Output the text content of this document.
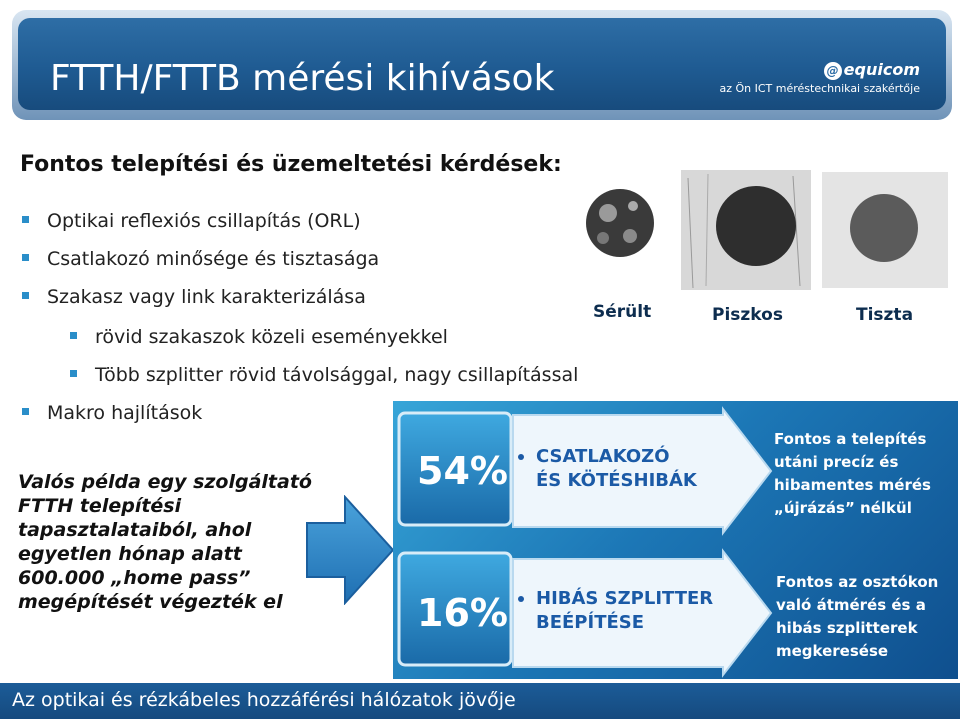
FTTH/FTTB mérési kihívások	@ equicom
az Ön ICT méréstechnikai szakértője
Fontos telepítési és üzemeltetési kérdések:
Optikai reflexiós csillapítás (ORL)
Csatlakozó minősége és tisztasága
Szakasz vagy link karakterizálása
rövid szakaszok közeli eseményekkel
Több szplitter rövid távolsággal, nagy csillapítással
Makro hajlítások
Valós példa egy szolgáltató
FTTH telepítési
tapasztalataiból, ahol
egyetlen hónap alatt
600.000 „home pass”
megépítését végezték el
Sérült	Piszkos	Tiszta
54% CSATLAKOZÓ
ÉS KÖTÉSHIBÁK
Fontos a telepítés
utáni precíz és
hibamentes mérés
„újrázás” nélkül
16% HIBÁS SZPLITTER
BEÉPÍTÉSE
Fontos az osztókon
való átmérés és a
hibás szplitterek
megkeresése
Az optikai és rézkábeles hozzáférési hálózatok jövője
